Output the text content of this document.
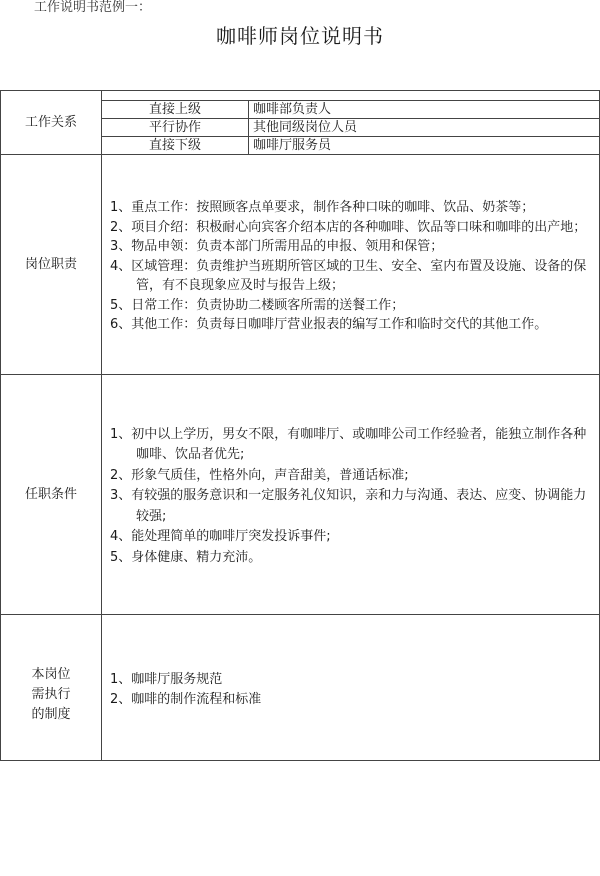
工作说明书范例一：
咖啡师岗位说明书
工作关系	
直接上级	咖啡部负责人
平行协作	其他同级岗位人员
直接下级	咖啡厅服务员

岗位职责	
1、重点工作：按照顾客点单要求，制作各种口味的咖啡、饮品、奶茶等；
2、项目介绍：积极耐心向宾客介绍本店的各种咖啡、饮品等口味和咖啡的出产地；
3、物品申领：负责本部门所需用品的申报、领用和保管；
4、区域管理：负责维护当班期所管区域的卫生、安全、室内布置及设施、设备的保管，有不良现象应及时与报告上级；
5、日常工作：负责协助二楼顾客所需的送餐工作；
6、其他工作：负责每日咖啡厅营业报表的编写工作和临时交代的其他工作。

任职条件	
1、初中以上学历，男女不限，有咖啡厅、或咖啡公司工作经验者，能独立制作各种咖啡、饮品者优先;
2、形象气质佳，性格外向，声音甜美，普通话标准;
3、有较强的服务意识和一定服务礼仪知识，亲和力与沟通、表达、应变、协调能力较强;
4、能处理简单的咖啡厅突发投诉事件;
5、身体健康、精力充沛。

本岗位
需执行
的制度

1、咖啡厅服务规范
2、咖啡的制作流程和标准
